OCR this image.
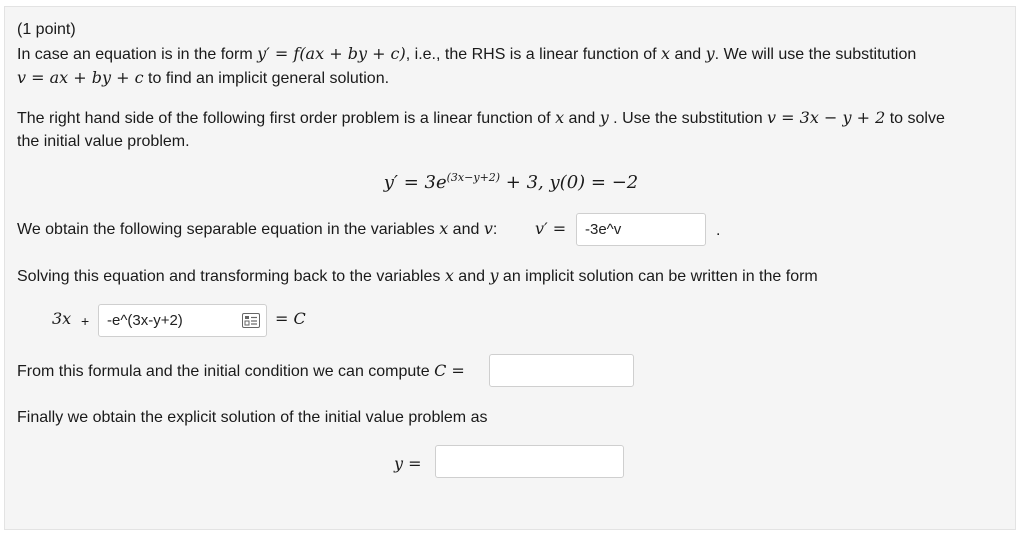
(1 point)
In case an equation is in the form y′ = f(ax + by + c), i.e., the RHS is a linear function of x and y. We will use the substitution
v = ax + by + c to find an implicit general solution.
The right hand side of the following first order problem is a linear function of x and y . Use the substitution v = 3x − y + 2 to solve
the initial value problem.
$y' = 3e^{(3x-y+2)} + 3$, y(0) = −2
We obtain the following separable equation in the variables x and v: v′ =	-3e^v	.
Solving this equation and transforming back to the variables x and y an implicit solution can be written in the form
3x +	-e^(3x-y+2)	= C
From this formula and the initial condition we can compute C =
Finally we obtain the explicit solution of the initial value problem as
y =
